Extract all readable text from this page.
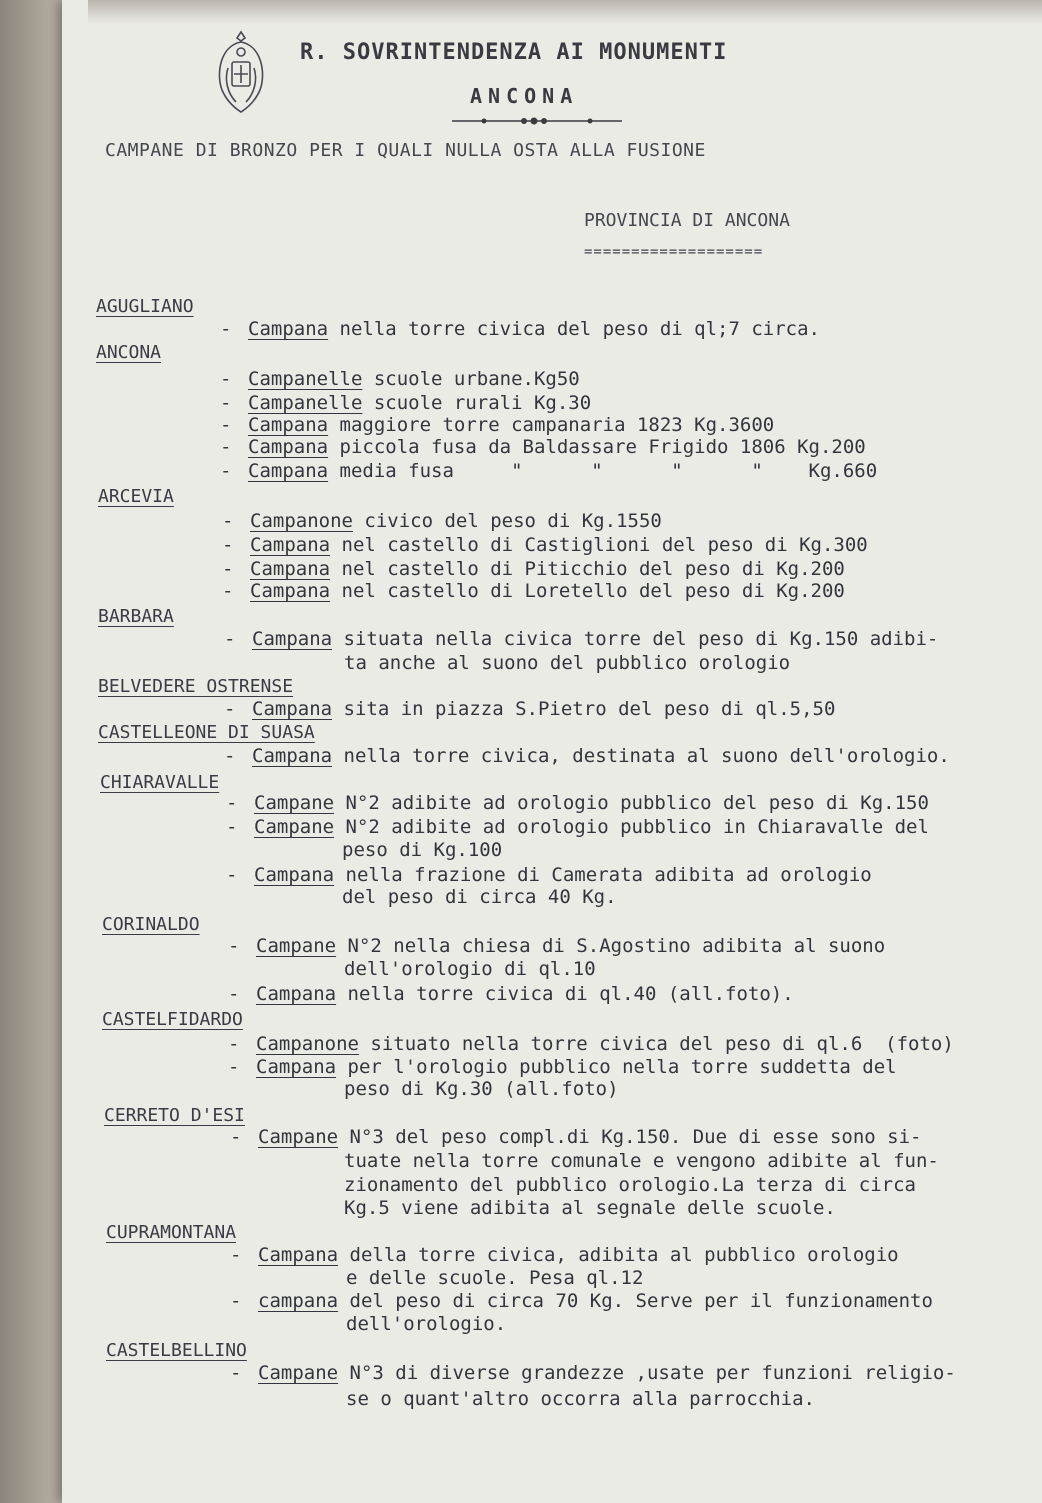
R. SOVRINTENDENZA AI MONUMENTI
ANCONA
CAMPANE DI BRONZO PER I QUALI NULLA OSTA ALLA FUSIONE
PROVINCIA DI ANCONA
===================
AGUGLIANO
- Campana nella torre civica del peso di ql;7 circa.
ANCONA
- Campanelle scuole urbane.Kg50
- Campanelle scuole rurali Kg.30
- Campana maggiore torre campanaria 1823 Kg.3600
- Campana piccola fusa da Baldassare Frigido 1806 Kg.200
- Campana media fusa     "      "      "      "    Kg.660
ARCEVIA
- Campanone civico del peso di Kg.1550
- Campana nel castello di Castiglioni del peso di Kg.300
- Campana nel castello di Piticchio del peso di Kg.200
- Campana nel castello di Loretello del peso di Kg.200
BARBARA
- Campana situata nella civica torre del peso di Kg.150 adibi-
ta anche al suono del pubblico orologio
BELVEDERE OSTRENSE
- Campana sita in piazza S.Pietro del peso di ql.5,50
CASTELLEONE DI SUASA
- Campana nella torre civica, destinata al suono dell'orologio.
CHIARAVALLE
- Campane N°2 adibite ad orologio pubblico del peso di Kg.150
- Campane N°2 adibite ad orologio pubblico in Chiaravalle del
peso di Kg.100
- Campana nella frazione di Camerata adibita ad orologio
del peso di circa 40 Kg.
CORINALDO
- Campane N°2 nella chiesa di S.Agostino adibita al suono
dell'orologio di ql.10
- Campana nella torre civica di ql.40 (all.foto).
CASTELFIDARDO
- Campanone situato nella torre civica del peso di ql.6  (foto)
- Campana per l'orologio pubblico nella torre suddetta del
peso di Kg.30 (all.foto)
CERRETO D'ESI
- Campane N°3 del peso compl.di Kg.150. Due di esse sono si-
tuate nella torre comunale e vengono adibite al fun-
zionamento del pubblico orologio.La terza di circa
Kg.5 viene adibita al segnale delle scuole.
CUPRAMONTANA
- Campana della torre civica, adibita al pubblico orologio
e delle scuole. Pesa ql.12
- campana del peso di circa 70 Kg. Serve per il funzionamento
dell'orologio.
CASTELBELLINO
- Campane N°3 di diverse grandezze ,usate per funzioni religio-
se o quant'altro occorra alla parrocchia.
